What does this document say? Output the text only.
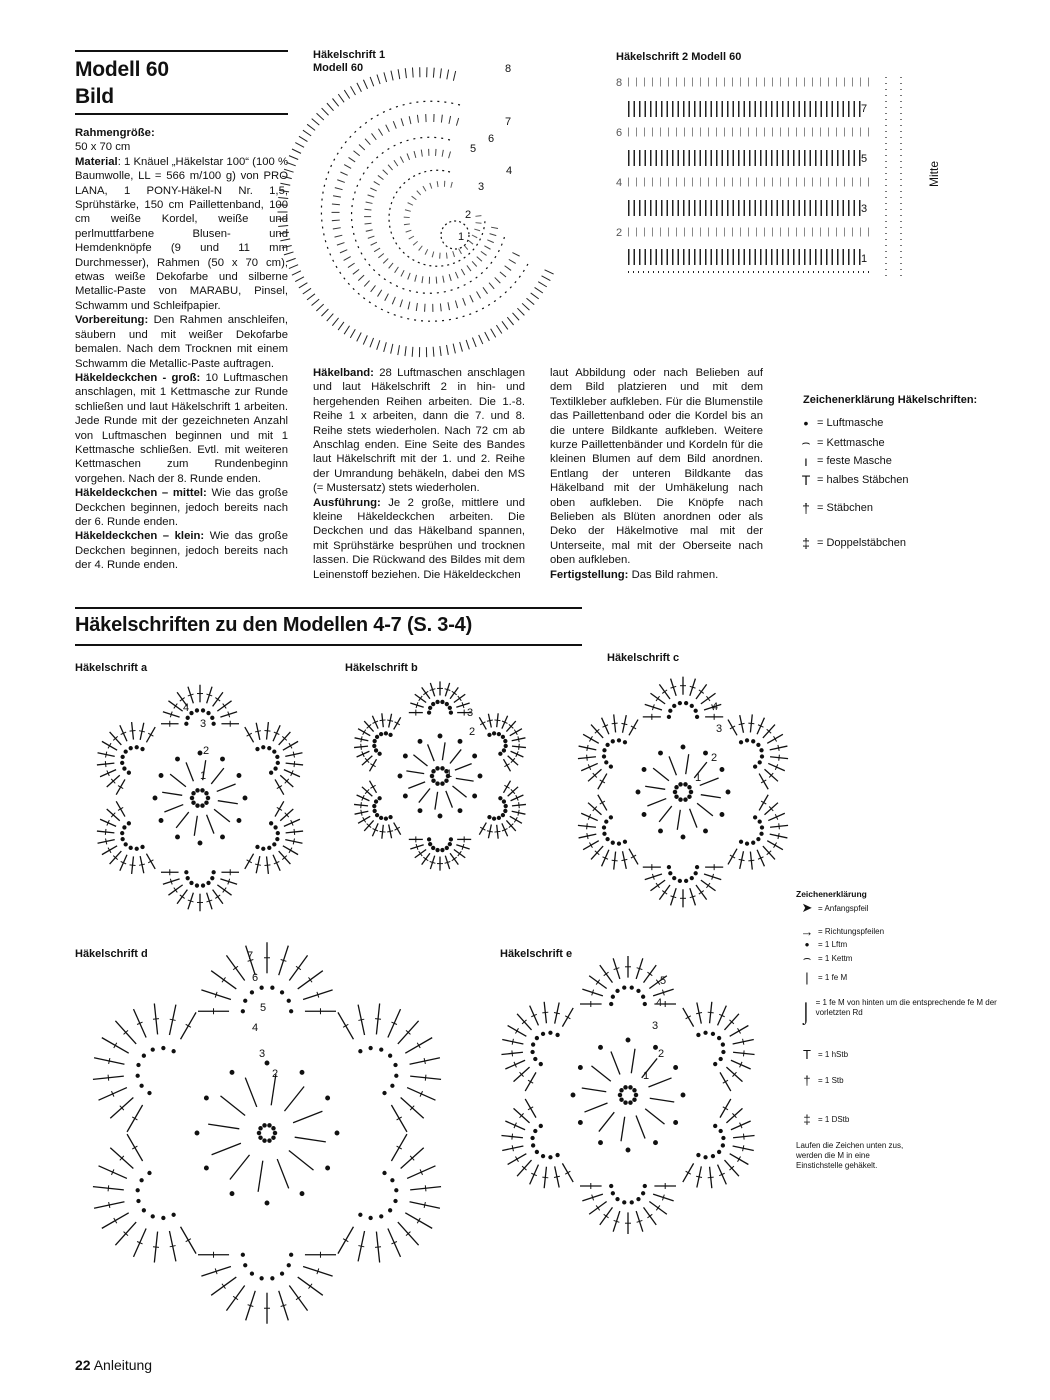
Modell 60
Bild

Rahmengröße:

50 x 70 cm

Material: 1 Knäuel „Häkelstar 100“ (100 % Baumwolle, LL = 566 m/100 g) von PRO LANA, 1 PONY-Häkel-N Nr. 1,5, Sprühstärke, 150 cm Paillettenband, 100 cm weiße Kordel, weiße und perlmuttfarbene Blusen- und Hemdenknöpfe (9 und 11 mm Durchmesser), Rahmen (50 x 70 cm), etwas weiße Dekofarbe und silberne Metallic-Paste von MARABU, Pinsel, Schwamm und Schleifpapier.

Vorbereitung: Den Rahmen anschleifen, säubern und mit weißer Dekofarbe bemalen. Nach dem Trocknen mit einem Schwamm die Metallic-Paste auftragen.

Häkeldeckchen - groß: 10 Luftmaschen anschlagen, mit 1 Kettmasche zur Runde schließen und laut Häkelschrift 1 arbeiten. Jede Runde mit der gezeichneten Anzahl von Luftmaschen beginnen und mit 1 Kettmasche schließen. Evtl. mit weiteren Kettmaschen zum Rundenbeginn vorgehen. Nach der 8. Runde enden.

Häkeldeckchen – mittel: Wie das große Deckchen beginnen, jedoch bereits nach der 6. Runde enden.

Häkeldeckchen – klein: Wie das große Deckchen beginnen, jedoch bereits nach der 4. Runde enden.

Häkelschrift 1
Modell 60	8
7
6
5
4
3
2
1
Häkelschrift 2 Modell 60
8
7
6
5
4
3
2
1
Mitte

Häkelband: 28 Luftmaschen anschlagen und laut Häkelschrift 2 in hin- und hergehenden Reihen arbeiten. Die 1.-8. Reihe 1 x arbeiten, dann die 7. und 8. Reihe stets wiederholen. Nach 72 cm ab Anschlag enden. Eine Seite des Bandes laut Häkelschrift mit der 1. und 2. Reihe der Umrandung behäkeln, dabei den MS (= Mustersatz) stets wiederholen.

Ausführung: Je 2 große, mittlere und kleine Häkeldeckchen arbeiten. Die Deckchen und das Häkelband spannen, mit Sprühstärke besprühen und trocknen lassen. Die Rückwand des Bildes mit dem Leinenstoff beziehen. Die Häkeldeckchen

laut Abbildung oder nach Belieben auf dem Bild platzieren und mit dem Textilkleber aufkleben. Für die Blumenstile das Paillettenband oder die Kordel bis an die untere Bildkante aufkleben. Weitere kurze Paillettenbänder und Kordeln für die kleinen Blumen auf dem Bild anordnen. Entlang der unteren Bildkante das Häkelband mit der Umhäkelung nach oben aufkleben. Die Knöpfe nach Belieben als Blüten anordnen oder als Deko der Häkelmotive mal mit der Unterseite, mal mit der Oberseite nach oben aufkleben.

Fertigstellung: Das Bild rahmen.

Zeichenerklärung Häkelschriften:
• = Luftmasche
⌢ = Kettmasche
ı = feste Masche
T = halbes Stäbchen
† = Stäbchen
‡ = Doppelstäbchen
Häkelschriften zu den Modellen 4-7 (S. 3-4)
Häkelschrift a	Häkelschrift b
Häkelschrift c
Häkelschrift d	Häkelschrift e
4
3
2
1
3
2
1
4
3
2
1
7
6
5
4
3
2
5
4
3
2
1
Zeichenerklärung
➤ = Anfangspfeil
→ = Richtungspfeilen
•	= 1 Lftm
⌢ = 1 Kettm
|	= 1 fe M
⌡ = 1 fe M von hinten um die entsprechende fe M der vorletzten Rd
T = 1 hStb
† = 1 Stb
‡ = 1 DStb
Laufen die Zeichen unten zus, werden die M in eine Einstichstelle gehäkelt.
22 Anleitung
